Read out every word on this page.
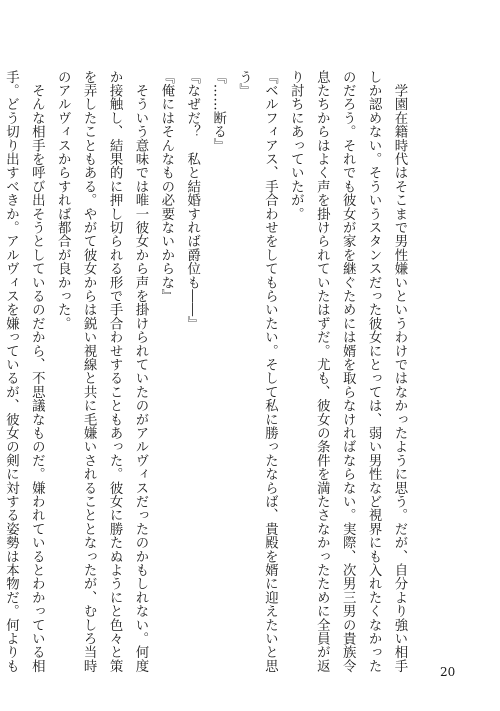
　学園在籍時代はそこまで男性嫌いというわけではなかったように思う。だが、自分より強い相手
しか認めない。そういうスタンスだった彼女にとっては、弱い男性など視界にも入れたくなかった
のだろう。それでも彼女が家を継ぐためには婿を取らなければならない。実際、次男三男の貴族令
息たちからはよく声を掛けられていたはずだ。尤も、彼女の条件を満たさなかったために全員が返
り討ちにあっていたが。
『ベルフィアス、手合わせをしてもらいたい。そして私に勝ったならば、貴殿を婿に迎えたいと思
う』
『……断る』
『なぜだ？　私と結婚すれば爵位も――』
『俺にはそんなもの必要ないからな』
　そういう意味では唯一彼女から声を掛けられていたのがアルヴィスだったのかもしれない。何度
か接触し、結果的に押し切られる形で手合わせすることもあった。彼女に勝たぬようにと色々と策
を弄したこともある。やがて彼女からは鋭い視線と共に毛嫌いされることとなったが、むしろ当時
のアルヴィスからすれば都合が良かった。
　そんな相手を呼び出そうとしているのだから、不思議なものだ。嫌われているとわかっている相
手。どう切り出すべきか。アルヴィスを嫌っているが、彼女の剣に対する姿勢は本物だ。何よりも	20
